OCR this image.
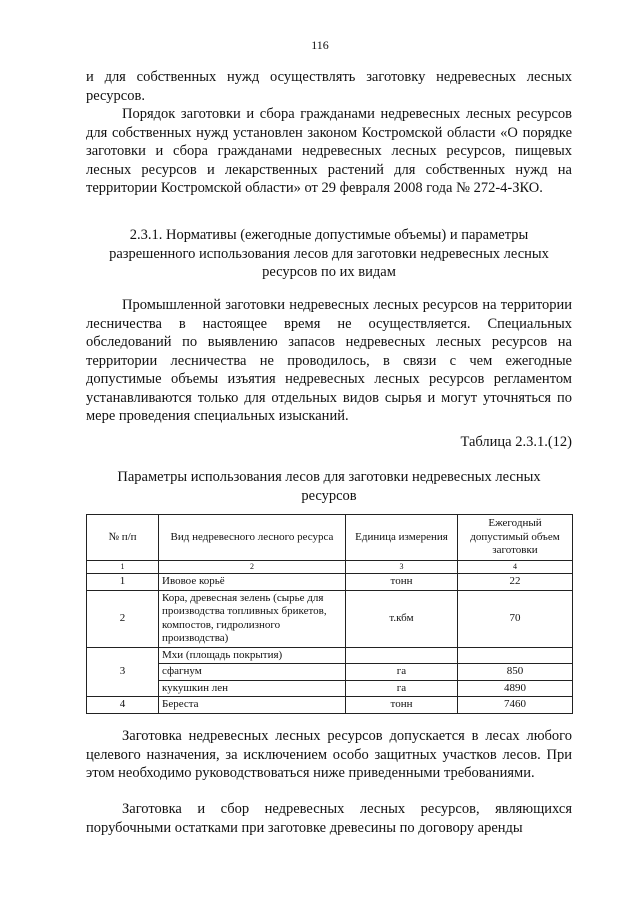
116

и для собственных нужд осуществлять заготовку недревесных лесных ресурсов.

Порядок заготовки и сбора гражданами недревесных лесных ресурсов для собственных нужд установлен законом Костромской области «О порядке заготовки и сбора гражданами недревесных лесных ресурсов, пищевых лесных ресурсов и лекарственных растений для собственных нужд на территории Костромской области» от 29 февраля 2008 года № 272-4-ЗКО.

2.3.1. Нормативы (ежегодные допустимые объемы) и параметры разрешенного использования лесов для заготовки недревесных лесных ресурсов по их видам

Промышленной заготовки недревесных лесных ресурсов на территории лесничества в настоящее время не осуществляется. Специальных обследований по выявлению запасов недревесных лесных ресурсов на территории лесничества не проводилось, в связи с чем ежегодные допустимые объемы изъятия недревесных лесных ресурсов регламентом устанавливаются только для отдельных видов сырья и могут уточняться по мере проведения специальных изысканий.

Таблица 2.3.1.(12)

Параметры использования лесов для заготовки недревесных лесных ресурсов

№ п/п	Вид недревесного лесного ресурса	Единица измерения	Ежегодный допустимый объем заготовки
1	2	3	4
1	Ивовое корьё	тонн	22
2	Кора, древесная зелень (сырье для производства топливных брикетов, компостов, гидролизного производства)	т.кбм	70
3	Мхи (площадь покрытия)		
	сфагнум	га	850
	кукушкин лен	га	4890
4	Береста	тонн	7460

Заготовка недревесных лесных ресурсов допускается в лесах любого целевого назначения, за исключением особо защитных участков лесов. При этом необходимо руководствоваться ниже приведенными требованиями.

Заготовка и сбор недревесных лесных ресурсов, являющихся порубочными остатками при заготовке древесины по договору аренды
